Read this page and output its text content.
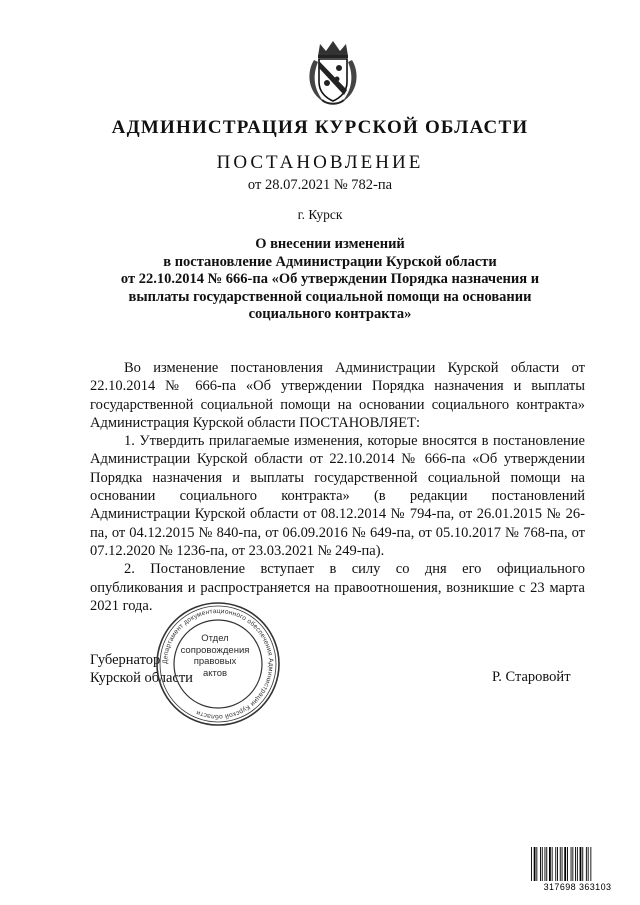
АДМИНИСТРАЦИЯ КУРСКОЙ ОБЛАСТИ
ПОСТАНОВЛЕНИЕ
от 28.07.2021 № 782-па
г. Курск
О внесении изменений
в постановление Администрации Курской области
от 22.10.2014 № 666-па «Об утверждении Порядка назначения и
выплаты государственной социальной помощи на основании
социального контракта»

Во изменение постановления Администрации Курской области от 22.10.2014 № 666-па «Об утверждении Порядка назначения и выплаты государственной социальной помощи на основании социального контракта» Администрация Курской области ПОСТАНОВЛЯЕТ:

1. Утвердить прилагаемые изменения, которые вносятся в постановление Администрации Курской области от 22.10.2014 № 666-па «Об утверждении Порядка назначения и выплаты государственной социальной помощи на основании социального контракта» (в редакции постановлений Администрации Курской области от 08.12.2014 № 794-па, от 26.01.2015 № 26-па, от 04.12.2015 № 840-па, от 06.09.2016 № 649-па, от 05.10.2017 № 768-па, от 07.12.2020 № 1236-па, от 23.03.2021 № 249-па).

2. Постановление вступает в силу со дня его официального опубликования и распространяется на правоотношения, возникшие с 23 марта 2021 года.

Губернатор
Курской области	Р. Старовойт
Департамент документационного обеспечения Администрации Курской области
Отдел
сопровождения
правовых
актов
317698 363103
